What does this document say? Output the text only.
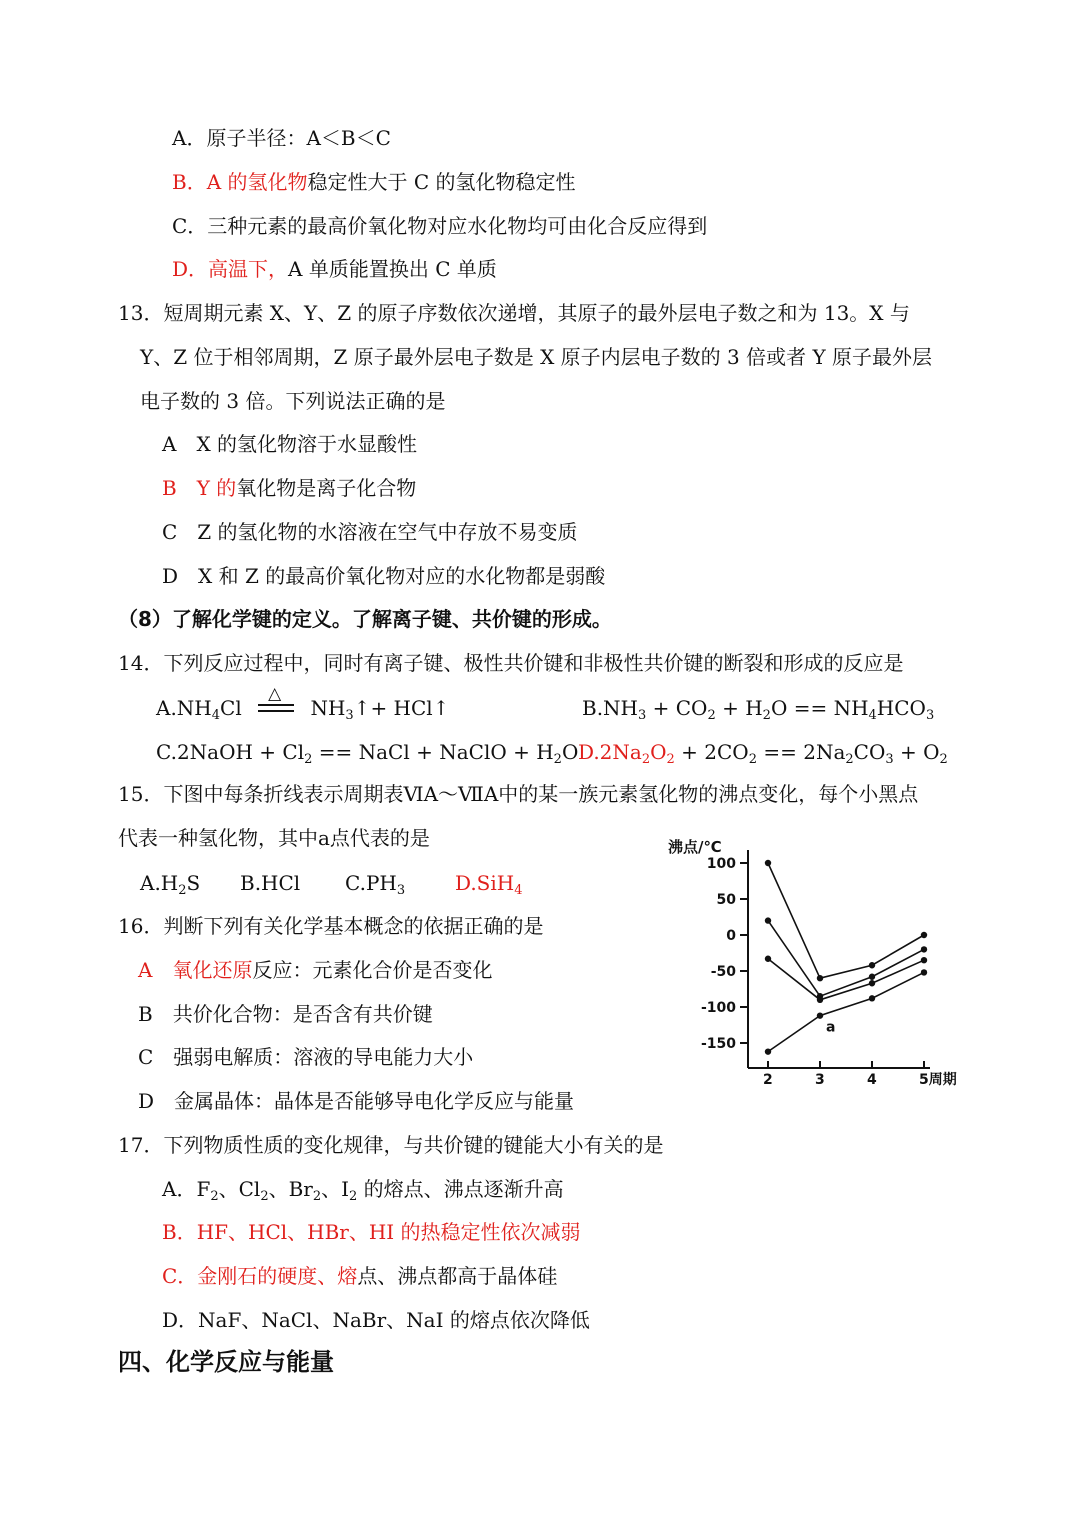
A．原子半径：A＜B＜C
B．A 的氢化物稳定性大于 C 的氢化物稳定性
C．三种元素的最高价氧化物对应水化物均可由化合反应得到
D．高温下，A 单质能置换出 C 单质
13．短周期元素 X、Y、Z 的原子序数依次递增，其原子的最外层电子数之和为 13。X 与
Y、Z 位于相邻周期，Z 原子最外层电子数是 X 原子内层电子数的 3 倍或者 Y 原子最外层
电子数的 3 倍。下列说法正确的是
A　X 的氢化物溶于水显酸性
B　Y 的氧化物是离子化合物
C　Z 的氢化物的水溶液在空气中存放不易变质
D　X 和 Z 的最高价氧化物对应的水化物都是弱酸
（8）了解化学键的定义。了解离子键、共价键的形成。
14．下列反应过程中，同时有离子键、极性共价键和非极性共价键的断裂和形成的反应是
$A.NH_4Cl$
△
$NH_3↑+$ HCl↑	$B.NH_3 + CO_2 + H_2O == NH_4HCO_3$
C.2NaOH + $Cl_2$ == NaCl + NaClO + $H_2O$ $D.2Na_2O_2 + 2CO_2 == 2Na_2CO_3 + O_2$
15．下图中每条折线表示周期表ⅥA～ⅦA中的某一族元素氢化物的沸点变化，每个小黑点
代表一种氢化物，其中a点代表的是
$A.H_2S$ B.HCl $C.PH_3$ D.SiH$_4$
16．判断下列有关化学基本概念的依据正确的是
A　氧化还原反应：元素化合价是否变化
B　共价化合物：是否含有共价键
C　强弱电解质：溶液的导电能力大小
D　金属晶体：晶体是否能够导电化学反应与能量
沸点/℃
100
50
0
-50
-100
-150
2	3	4	5周期
a
17．下列物质性质的变化规律，与共价键的键能大小有关的是
A．$F_2$、$Cl_2$、$Br_2$、$I_2$ 的熔点、沸点逐渐升高
B．HF、HCl、HBr、HI 的热稳定性依次减弱
C．金刚石的硬度、熔点、沸点都高于晶体硅
D．NaF、NaCl、NaBr、NaI 的熔点依次降低
四、化学反应与能量
